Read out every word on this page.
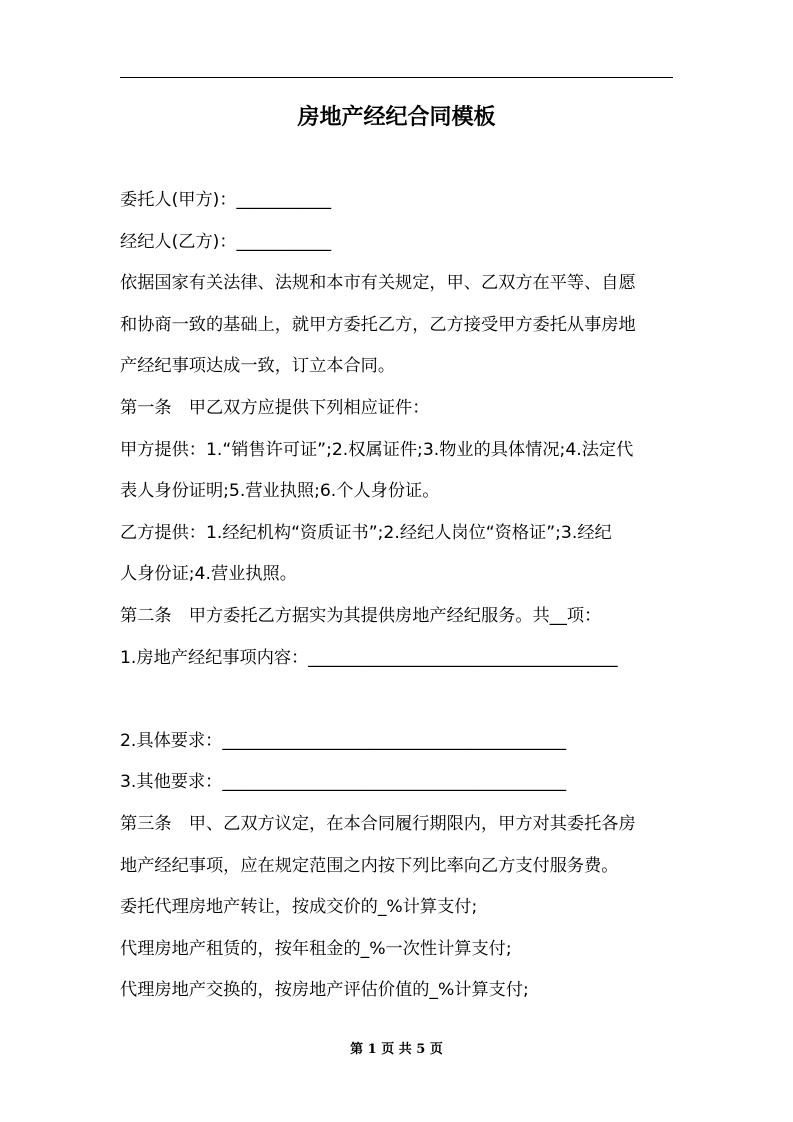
房地产经纪合同模板
委托人(甲方)：___________
经纪人(乙方)：___________
依据国家有关法律、法规和本市有关规定，甲、乙双方在平等、自愿
和协商一致的基础上，就甲方委托乙方，乙方接受甲方委托从事房地
产经纪事项达成一致，订立本合同。
第一条　甲乙双方应提供下列相应证件：
甲方提供：1.“销售许可证”;2.权属证件;3.物业的具体情况;4.法定代
表人身份证明;5.营业执照;6.个人身份证。
乙方提供：1.经纪机构“资质证书”;2.经纪人岗位“资格证”;3.经纪
人身份证;4.营业执照。
第二条　甲方委托乙方据实为其提供房地产经纪服务。共__项：
1.房地产经纪事项内容：____________________________________
2.具体要求：________________________________________
3.其他要求：________________________________________
第三条　甲、乙双方议定，在本合同履行期限内，甲方对其委托各房
地产经纪事项，应在规定范围之内按下列比率向乙方支付服务费。
委托代理房地产转让，按成交价的_%计算支付;
代理房地产租赁的，按年租金的_%一次性计算支付;
代理房地产交换的，按房地产评估价值的_%计算支付;
第 1 页 共 5 页
